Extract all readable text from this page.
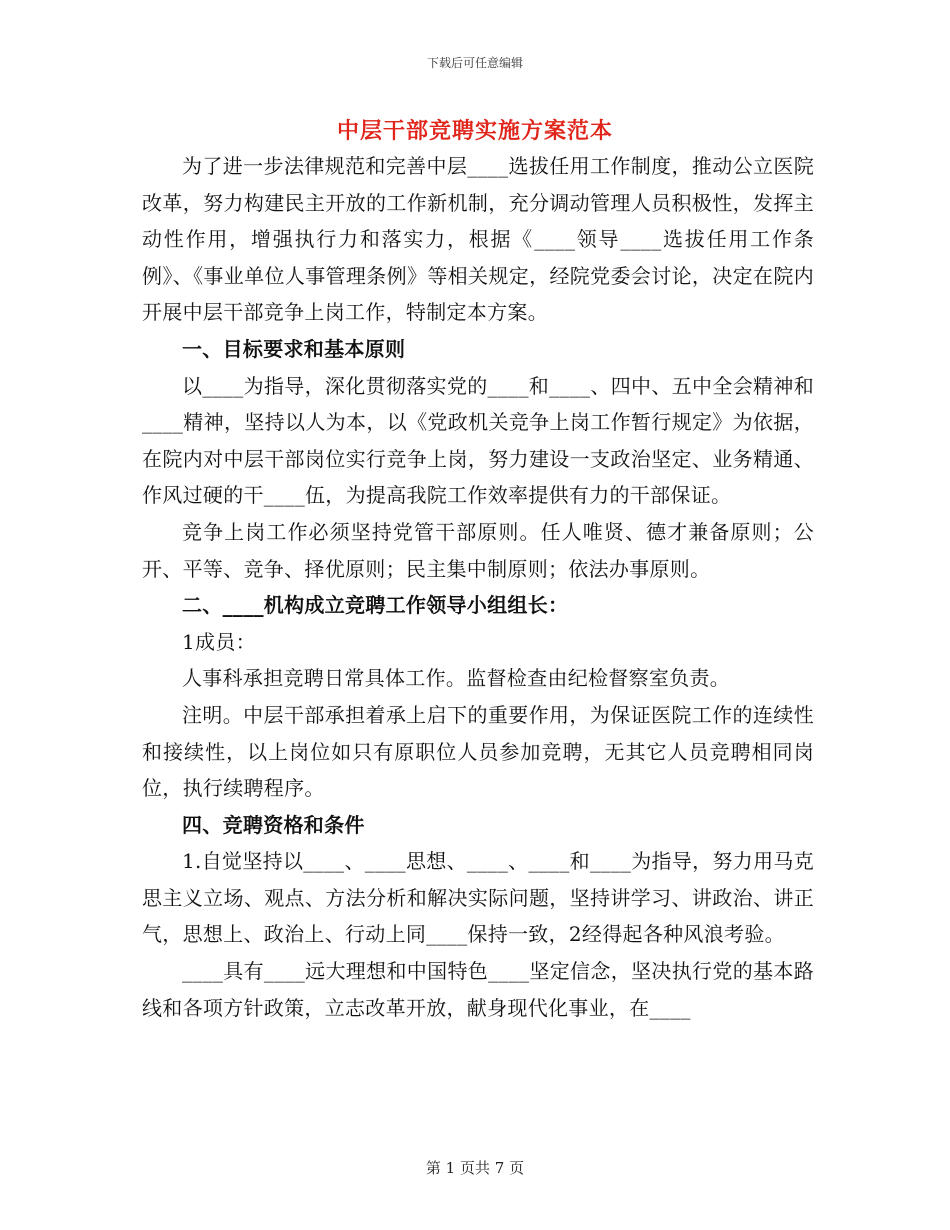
下载后可任意编辑
中层干部竞聘实施方案范本

为了进一步法律规范和完善中层____选拔任用工作制度，推动公立医院改革，努力构建民主开放的工作新机制，充分调动管理人员积极性，发挥主动性作用，增强执行力和落实力，根据《____领导____选拔任用工作条例》、《事业单位人事管理条例》等相关规定，经院党委会讨论，决定在院内开展中层干部竞争上岗工作，特制定本方案。

一、目标要求和基本原则

以____为指导，深化贯彻落实党的____和____、四中、五中全会精神和____精神，坚持以人为本，以《党政机关竞争上岗工作暂行规定》为依据，在院内对中层干部岗位实行竞争上岗，努力建设一支政治坚定、业务精通、作风过硬的干____伍，为提高我院工作效率提供有力的干部保证。

竞争上岗工作必须坚持党管干部原则。任人唯贤、德才兼备原则；公开、平等、竞争、择优原则；民主集中制原则；依法办事原则。

二、____机构成立竞聘工作领导小组组长：

1成员：

人事科承担竞聘日常具体工作。监督检查由纪检督察室负责。

注明。中层干部承担着承上启下的重要作用，为保证医院工作的连续性和接续性，以上岗位如只有原职位人员参加竞聘，无其它人员竞聘相同岗位，执行续聘程序。

四、竞聘资格和条件

1.自觉坚持以____、____思想、____、____和____为指导，努力用马克思主义立场、观点、方法分析和解决实际问题，坚持讲学习、讲政治、讲正气，思想上、政治上、行动上同____保持一致，2经得起各种风浪考验。

____具有____远大理想和中国特色____坚定信念，坚决执行党的基本路线和各项方针政策，立志改革开放，献身现代化事业，在____

第 1 页共 7 页
